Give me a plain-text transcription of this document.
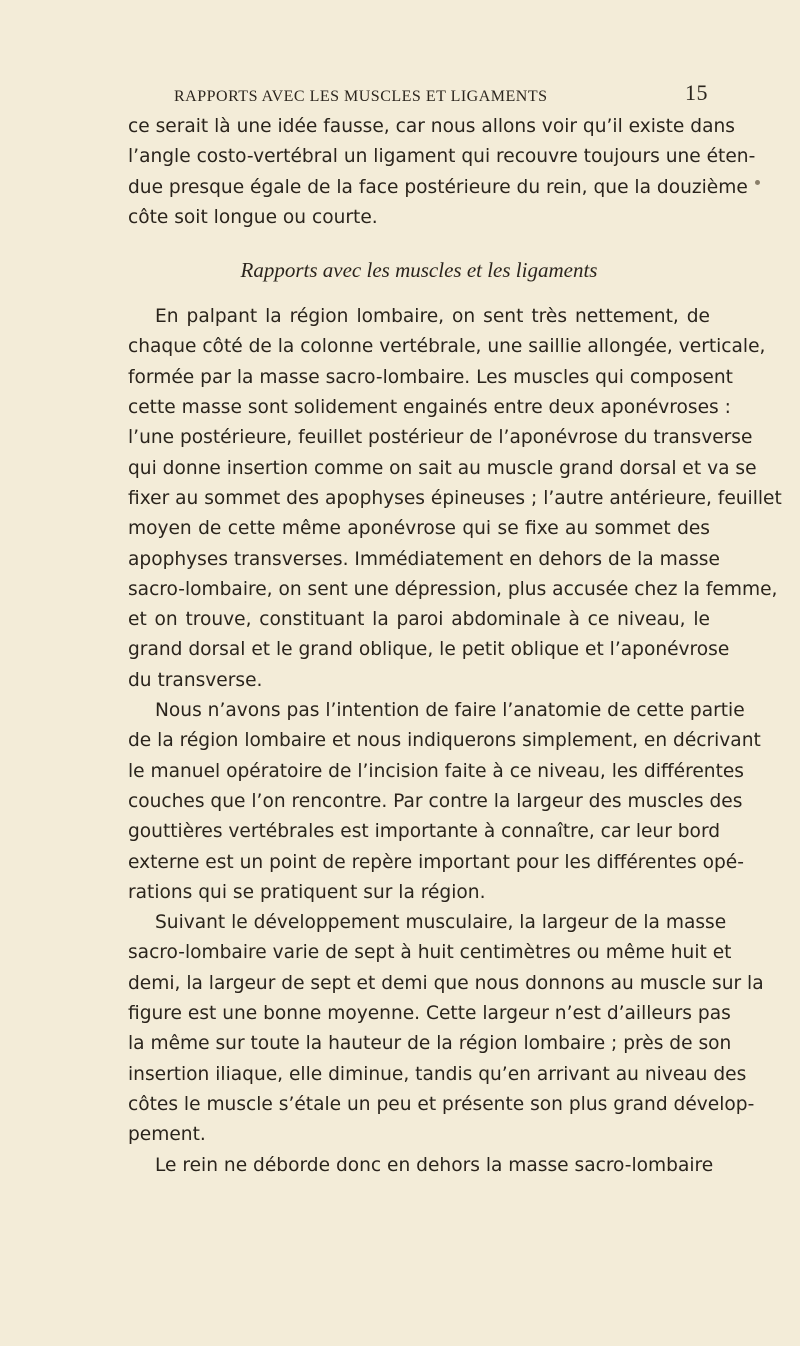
RAPPORTS AVEC LES MUSCLES ET LIGAMENTS	15

ce serait là une idée fausse, car nous allons voir qu’il existe dans
l’angle costo-vertébral un ligament qui recouvre toujours une éten-
due presque égale de la face postérieure du rein, que la douzième
côte soit longue ou courte.

Rapports avec les muscles et les ligaments

En palpant la région lombaire, on sent très nettement, de
chaque côté de la colonne vertébrale, une saillie allongée, verticale,
formée par la masse sacro-lombaire. Les muscles qui composent
cette masse sont solidement engainés entre deux aponévroses :
l’une postérieure, feuillet postérieur de l’aponévrose du transverse
qui donne insertion comme on sait au muscle grand dorsal et va se
fixer au sommet des apophyses épineuses ; l’autre antérieure, feuillet
moyen de cette même aponévrose qui se fixe au sommet des
apophyses transverses. Immédiatement en dehors de la masse
sacro-lombaire, on sent une dépression, plus accusée chez la femme,
et on trouve, constituant la paroi abdominale à ce niveau, le
grand dorsal et le grand oblique, le petit oblique et l’aponévrose
du transverse.

Nous n’avons pas l’intention de faire l’anatomie de cette partie
de la région lombaire et nous indiquerons simplement, en décrivant
le manuel opératoire de l’incision faite à ce niveau, les différentes
couches que l’on rencontre. Par contre la largeur des muscles des
gouttières vertébrales est importante à connaître, car leur bord
externe est un point de repère important pour les différentes opé-
rations qui se pratiquent sur la région.

Suivant le développement musculaire, la largeur de la masse
sacro-lombaire varie de sept à huit centimètres ou même huit et
demi, la largeur de sept et demi que nous donnons au muscle sur la
figure est une bonne moyenne. Cette largeur n’est d’ailleurs pas
la même sur toute la hauteur de la région lombaire ; près de son
insertion iliaque, elle diminue, tandis qu’en arrivant au niveau des
côtes le muscle s’étale un peu et présente son plus grand dévelop-
pement.

Le rein ne déborde donc en dehors la masse sacro-lombaire
